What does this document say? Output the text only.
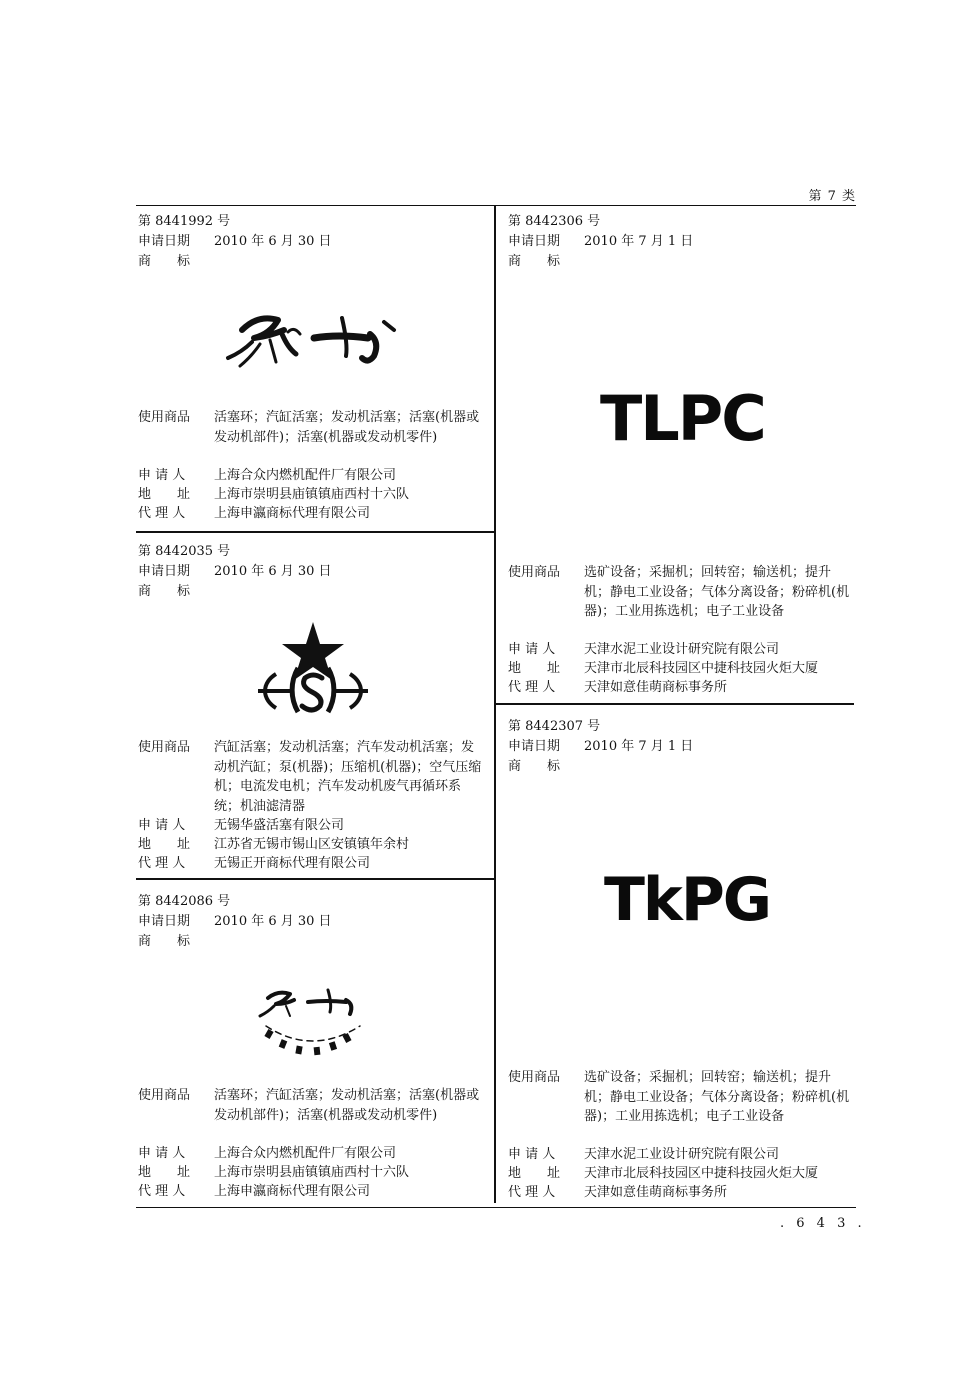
第 7 类
. 6 4 3 .
第 8441992 号
申请日期	2010 年 6 月 30 日
商　　标
使用商品	活塞环；汽缸活塞；发动机活塞；活塞(机器或发动机部件)；活塞(机器或发动机零件)
申 请 人	上海合众内燃机配件厂有限公司
地　　址	上海市崇明县庙镇镇庙西村十六队
代 理 人	上海申瀛商标代理有限公司
第 8442035 号
申请日期	2010 年 6 月 30 日
商　　标
使用商品	汽缸活塞；发动机活塞；汽车发动机活塞；发动机汽缸；泵(机器)；压缩机(机器)；空气压缩机；电流发电机；汽车发动机废气再循环系统；机油滤清器
申 请 人	无锡华盛活塞有限公司
地　　址	江苏省无锡市锡山区安镇镇年余村
代 理 人	无锡正开商标代理有限公司
第 8442086 号
申请日期	2010 年 6 月 30 日
商　　标
使用商品	活塞环；汽缸活塞；发动机活塞；活塞(机器或发动机部件)；活塞(机器或发动机零件)
申 请 人	上海合众内燃机配件厂有限公司
地　　址	上海市崇明县庙镇镇庙西村十六队
代 理 人	上海申瀛商标代理有限公司
第 8442306 号
申请日期	2010 年 7 月 1 日
商　　标
TLPC
使用商品	选矿设备；采掘机；回转窑；输送机；提升机；静电工业设备；气体分离设备；粉碎机(机器)；工业用拣选机；电子工业设备
申 请 人	天津水泥工业设计研究院有限公司
地　　址	天津市北辰科技园区中捷科技园火炬大厦
代 理 人	天津如意佳萌商标事务所
第 8442307 号
申请日期	2010 年 7 月 1 日
商　　标
TkPG
使用商品	选矿设备；采掘机；回转窑；输送机；提升机；静电工业设备；气体分离设备；粉碎机(机器)；工业用拣选机；电子工业设备
申 请 人	天津水泥工业设计研究院有限公司
地　　址	天津市北辰科技园区中捷科技园火炬大厦
代 理 人	天津如意佳萌商标事务所
